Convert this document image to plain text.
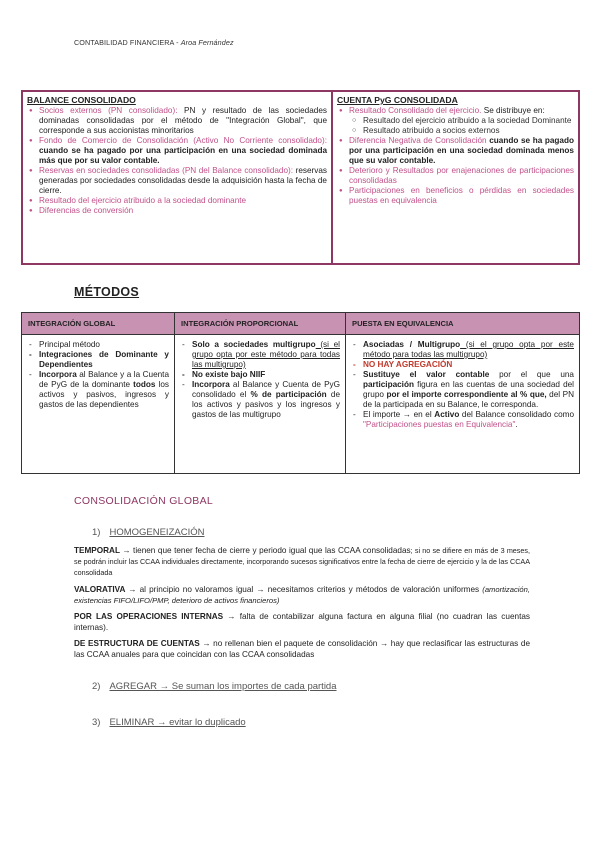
CONTABILIDAD FINANCIERA - Aroa Fernández
BALANCE CONSOLIDADO
● Socios externos (PN consolidado): PN y resultado de las sociedades dominadas consolidadas por el método de "Integración Global", que corresponde a sus accionistas minoritarios
● Fondo de Comercio de Consolidación (Activo No Corriente consolidado): cuando se ha pagado por una participación en una sociedad dominada más que por su valor contable.
● Reservas en sociedades consolidadas (PN del Balance consolidado): reservas generadas por sociedades consolidadas desde la adquisición hasta la fecha de cierre.
● Resultado del ejercicio atribuido a la sociedad dominante
● Diferencias de conversión
CUENTA PyG CONSOLIDADA
● Resultado Consolidado del ejercicio. Se distribuye en:
○ Resultado del ejercicio atribuido a la sociedad Dominante
○ Resultado atribuido a socios externos
● Diferencia Negativa de Consolidación cuando se ha pagado por una participación en una sociedad dominada menos que su valor contable.
● Deterioro y Resultados por enajenaciones de participaciones consolidadas
● Participaciones en beneficios o pérdidas en sociedades puestas en equivalencia
MÉTODOS
INTEGRACIÓN GLOBAL	INTEGRACIÓN PROPORCIONAL	PUESTA EN EQUIVALENCIA
- Principal método
- Integraciones de Dominante y Dependientes
- Incorpora al Balance y a la Cuenta de PyG de la dominante todos los activos y pasivos, ingresos y gastos de las dependientes
- Solo a sociedades multigrupo (si el grupo opta por este método para todas las multigrupo)
- No existe bajo NIIF
- Incorpora al Balance y Cuenta de PyG consolidado el % de participación de los activos y pasivos y los ingresos y gastos de las multigrupo
- Asociadas / Multigrupo (si el grupo opta por este método para todas las multigrupo)
- NO HAY AGREGACIÓN
- Sustituye el valor contable por el que una participación figura en las cuentas de una sociedad del grupo por el importe correspondiente al % que, del PN de la participada en su Balance, le corresponda.
- El importe → en el Activo del Balance consolidado como "Participaciones puestas en Equivalencia".
CONSOLIDACIÓN GLOBAL
1) HOMOGENEIZACIÓN
TEMPORAL → tienen que tener fecha de cierre y periodo igual que las CCAA consolidadas; si no se difiere en más de 3 meses, se podrán incluir las CCAA individuales directamente, incorporando sucesos significativos entre la fecha de cierre de ejercicio y la de las CCAA consolidada
VALORATIVA → al principio no valoramos igual → necesitamos criterios y métodos de valoración uniformes (amortización, existencias FIFO/LIFO/PMP, deterioro de activos financieros)
POR LAS OPERACIONES INTERNAS → falta de contabilizar alguna factura en alguna filial (no cuadran las cuentas internas).
DE ESTRUCTURA DE CUENTAS → no rellenan bien el paquete de consolidación → hay que reclasificar las estructuras de las CCAA anuales para que coincidan con las CCAA consolidadas
2) AGREGAR → Se suman los importes de cada partida
3) ELIMINAR → evitar lo duplicado
